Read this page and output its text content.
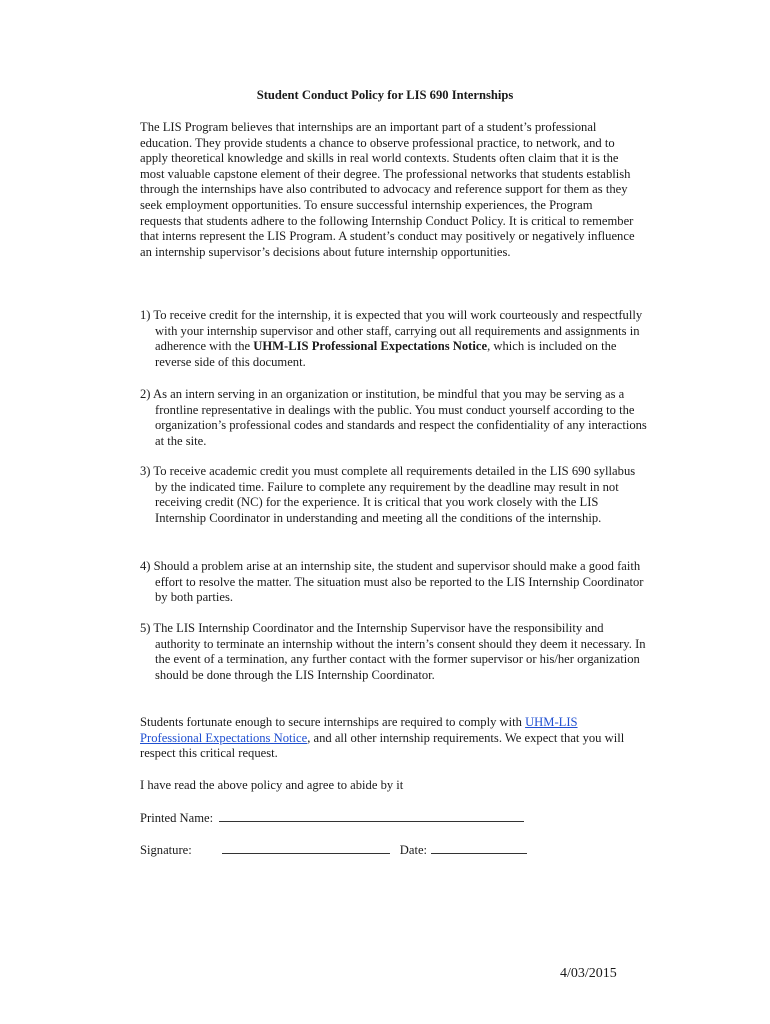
Student Conduct Policy for LIS 690 Internships

The LIS Program believes that internships are an important part of a student’s professional education. They provide students a chance to observe professional practice, to network, and to apply theoretical knowledge and skills in real world contexts. Students often claim that it is the most valuable capstone element of their degree. The professional networks that students establish through the internships have also contributed to advocacy and reference support for them as they seek employment opportunities. To ensure successful internship experiences, the Program requests that students adhere to the following Internship Conduct Policy. It is critical to remember that interns represent the LIS Program. A student’s conduct may positively or negatively influence an internship supervisor’s decisions about future internship opportunities.

1) To receive credit for the internship, it is expected that you will work courteously and respectfully with your internship supervisor and other staff, carrying out all requirements and assignments in adherence with the UHM-LIS Professional Expectations Notice, which is included on the reverse side of this document.
2) As an intern serving in an organization or institution, be mindful that you may be serving as a frontline representative in dealings with the public. You must conduct yourself according to the organization’s professional codes and standards and respect the confidentiality of any interactions at the site.
3) To receive academic credit you must complete all requirements detailed in the LIS 690 syllabus by the indicated time. Failure to complete any requirement by the deadline may result in not receiving credit (NC) for the experience. It is critical that you work closely with the LIS Internship Coordinator in understanding and meeting all the conditions of the internship.
4) Should a problem arise at an internship site, the student and supervisor should make a good faith effort to resolve the matter. The situation must also be reported to the LIS Internship Coordinator by both parties.
5) The LIS Internship Coordinator and the Internship Supervisor have the responsibility and authority to terminate an internship without the intern’s consent should they deem it necessary. In the event of a termination, any further contact with the former supervisor or his/her organization should be done through the LIS Internship Coordinator.
Students fortunate enough to secure internships are required to comply with UHM-LIS Professional Expectations Notice, and all other internship requirements. We expect that you will respect this critical request.
I have read the above policy and agree to abide by it
Printed Name:
Signature:	Date:
4/03/2015
